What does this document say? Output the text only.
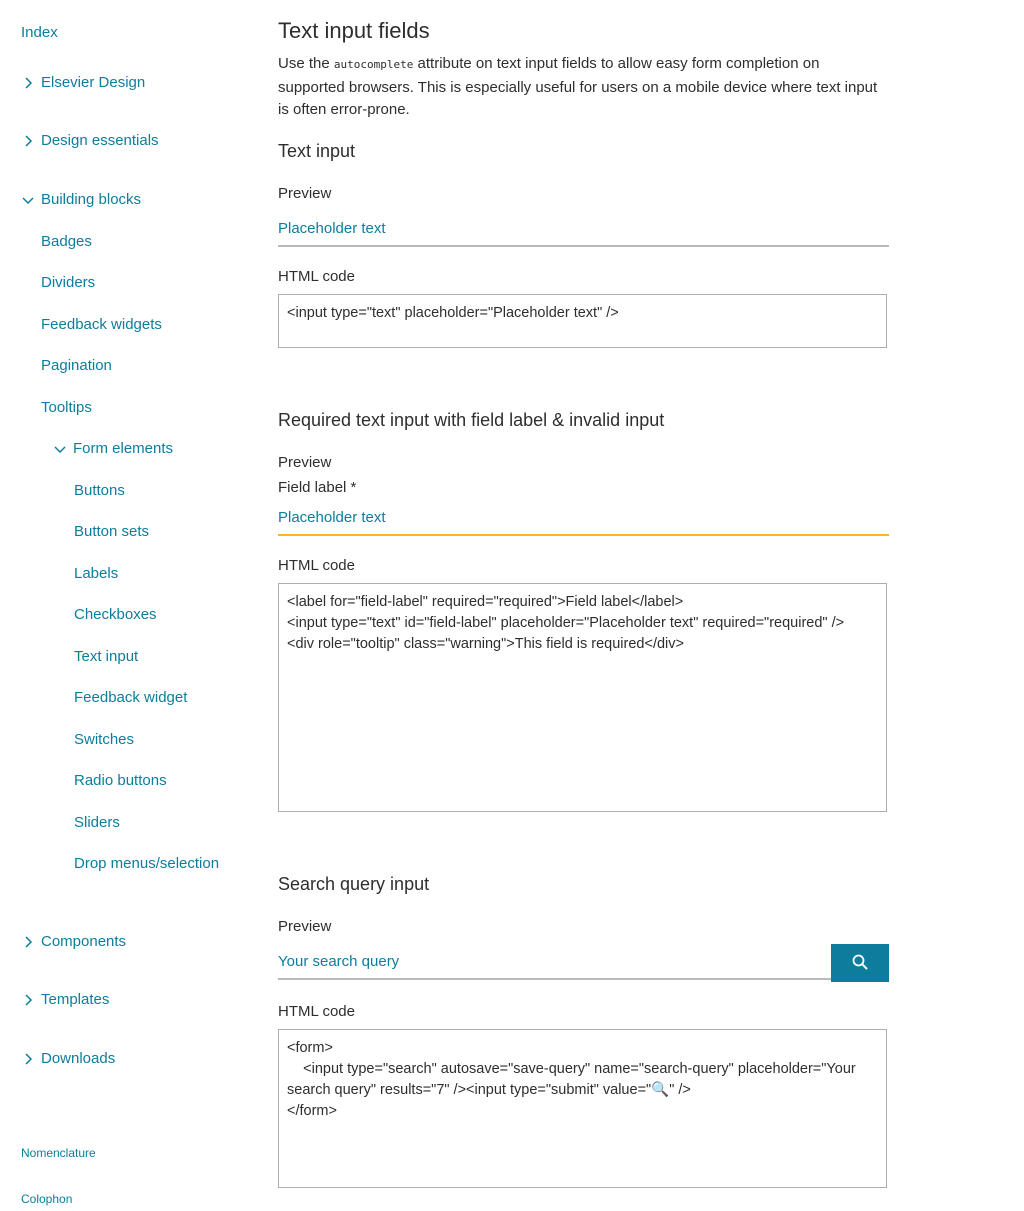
Index
Elsevier Design
Design essentials
Building blocks
Badges
Dividers
Feedback widgets
Pagination
Tooltips
Form elements
Buttons
Button sets
Labels
Checkboxes
Text input
Feedback widget
Switches
Radio buttons
Sliders
Drop menus/selection
Components
Templates
Downloads
Nomenclature
Colophon
Text input fields
Use the autocomplete attribute on text input fields to allow easy form completion on supported browsers. This is especially useful for users on a mobile device where text input is often error-prone.
Text input
Preview
Placeholder text
HTML code
<input type="text" placeholder="Placeholder text" />
Required text input with field label & invalid input
Preview
Field label *
Placeholder text
HTML code
<label for="field-label" required="required">Field label</label>
<input type="text" id="field-label" placeholder="Placeholder text" required="required" />
<div role="tooltip" class="warning">This field is required</div>
Search query input
Preview
Your search query
HTML code
<form>
<input type="search" autosave="save-query" name="search-query" placeholder="Your search query" results="7" /><input type="submit" value="🔍" />
</form>
